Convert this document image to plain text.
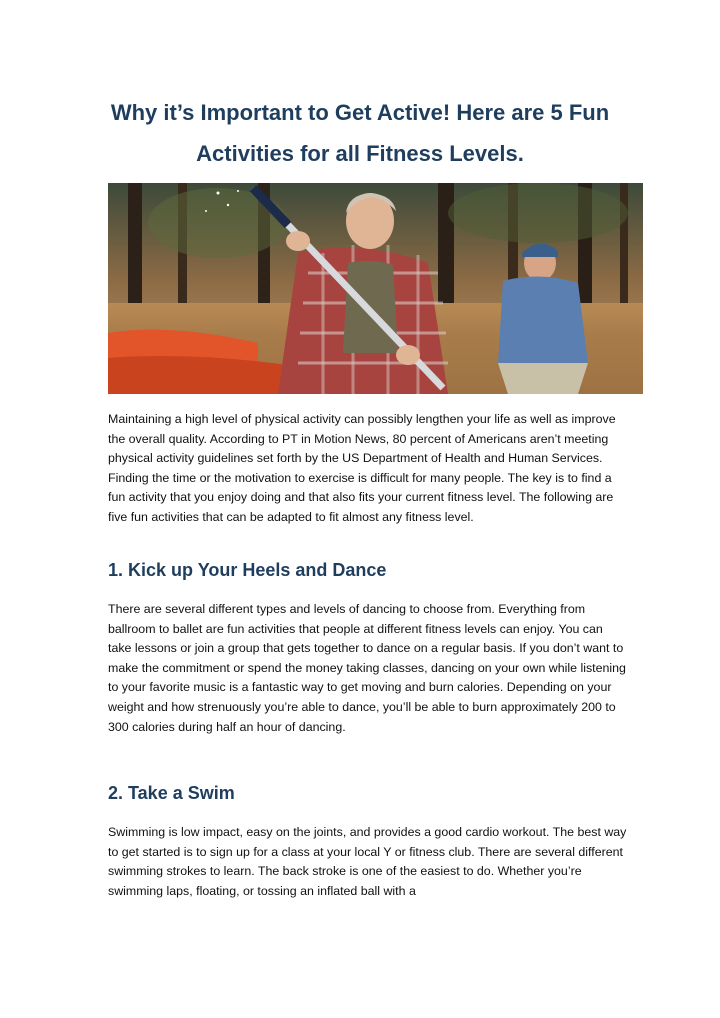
Why it’s Important to Get Active! Here are 5 Fun Activities for all Fitness Levels.

Maintaining a high level of physical activity can possibly lengthen your life as well as improve the overall quality. According to PT in Motion News, 80 percent of Americans aren’t meeting physical activity guidelines set forth by the US Department of Health and Human Services. Finding the time or the motivation to exercise is difficult for many people. The key is to find a fun activity that you enjoy doing and that also fits your current fitness level. The following are five fun activities that can be adapted to fit almost any fitness level.

1. Kick up Your Heels and Dance

There are several different types and levels of dancing to choose from. Everything from ballroom to ballet are fun activities that people at different fitness levels can enjoy. You can take lessons or join a group that gets together to dance on a regular basis. If you don’t want to make the commitment or spend the money taking classes, dancing on your own while listening to your favorite music is a fantastic way to get moving and burn calories. Depending on your weight and how strenuously you’re able to dance, you’ll be able to burn approximately 200 to 300 calories during half an hour of dancing.

2. Take a Swim

Swimming is low impact, easy on the joints, and provides a good cardio workout. The best way to get started is to sign up for a class at your local Y or fitness club. There are several different swimming strokes to learn. The back stroke is one of the easiest to do. Whether you’re swimming laps, floating, or tossing an inflated ball with a
